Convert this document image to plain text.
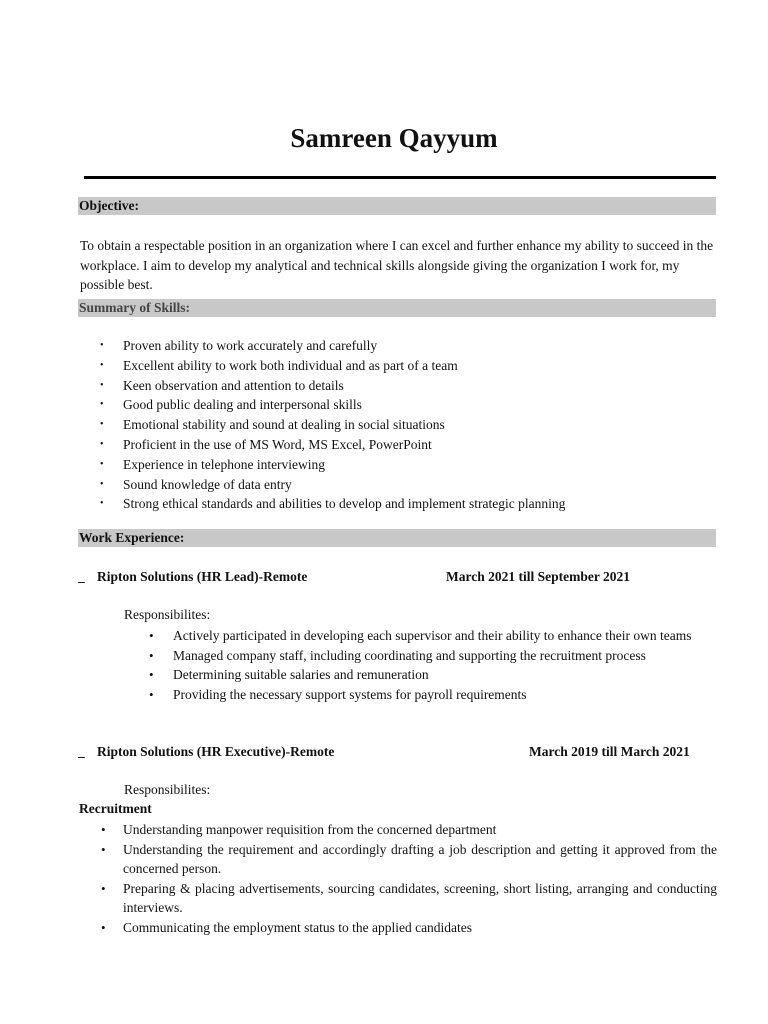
Samreen Qayyum
Objective:
To obtain a respectable position in an organization where I can excel and further enhance my ability to succeed in the workplace. I aim to develop my analytical and technical skills alongside giving the organization I work for, my possible best.
Summary of Skills:
• Proven ability to work accurately and carefully
• Excellent ability to work both individual and as part of a team
• Keen observation and attention to details
• Good public dealing and interpersonal skills
• Emotional stability and sound at dealing in social situations
• Proficient in the use of MS Word, MS Excel, PowerPoint
• Experience in telephone interviewing
• Sound knowledge of data entry
• Strong ethical standards and abilities to develop and implement strategic planning
Work Experience:
_ Ripton Solutions (HR Lead)-Remote	March 2021 till September 2021
Responsibilites:
• Actively participated in developing each supervisor and their ability to enhance their own teams
• Managed company staff, including coordinating and supporting the recruitment process
• Determining suitable salaries and remuneration
• Providing the necessary support systems for payroll requirements
_ Ripton Solutions (HR Executive)-Remote	March 2019 till March 2021
Responsibilites:
Recruitment
• Understanding manpower requisition from the concerned department
• Understanding the requirement and accordingly drafting a job description and getting it approved from the concerned person.
• Preparing & placing advertisements, sourcing candidates, screening, short listing, arranging and conducting interviews.
• Communicating the employment status to the applied candidates
